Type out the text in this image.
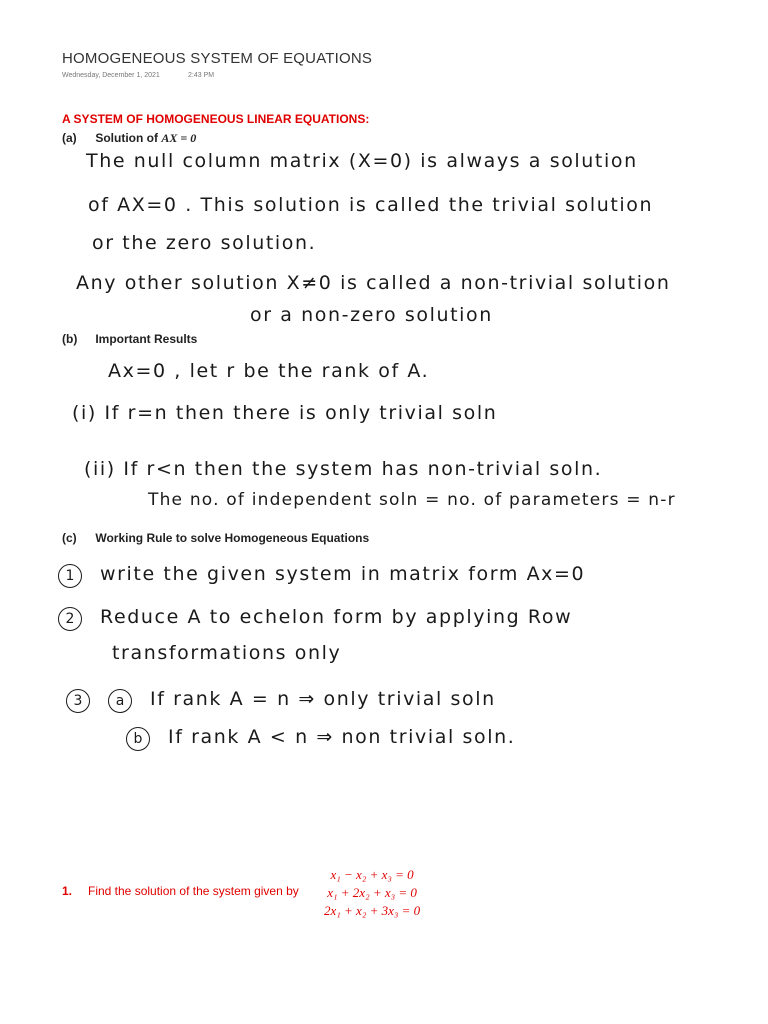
HOMOGENEOUS SYSTEM OF EQUATIONS
Wednesday, December 1, 2021	2:43 PM
A SYSTEM OF HOMOGENEOUS LINEAR EQUATIONS:
(a) Solution of AX = 0
The null column matrix (X=0) is always a solution
of AX=0 . This solution is called the trivial solution
or the zero solution.
Any other solution X≠0 is called a non-trivial solution
or a non-zero solution
(b) Important Results
Ax=0 , let r be the rank of A.
(i) If r=n then there is only trivial soln
(ii) If r<n then the system has non-trivial soln.
The no. of independent soln = no. of parameters = n-r
(c) Working Rule to solve Homogeneous Equations
1 write the given system in matrix form Ax=0
2 Reduce A to echelon form by applying Row
transformations only
3 a If rank A = n ⇒ only trivial soln
b If rank A < n ⇒ non trivial soln.
1. Find the solution of the system given by
x₁ − x₂ + x₃ = 0
x₁ + 2x₂ + x₃ = 0
2x₁ + x₂ + 3x₃ = 0
